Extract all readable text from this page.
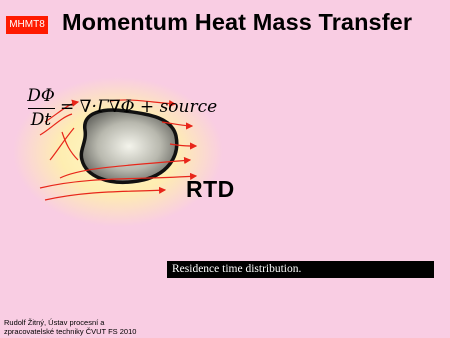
MHMT8 Momentum Heat Mass Transfer
DΦ
Dt
= ∇·Γ∇Φ + source
RTD
Residence time distribution.
Rudolf Žitný, Ústav procesní a
zpracovatelské techniky ČVUT FS 2010
